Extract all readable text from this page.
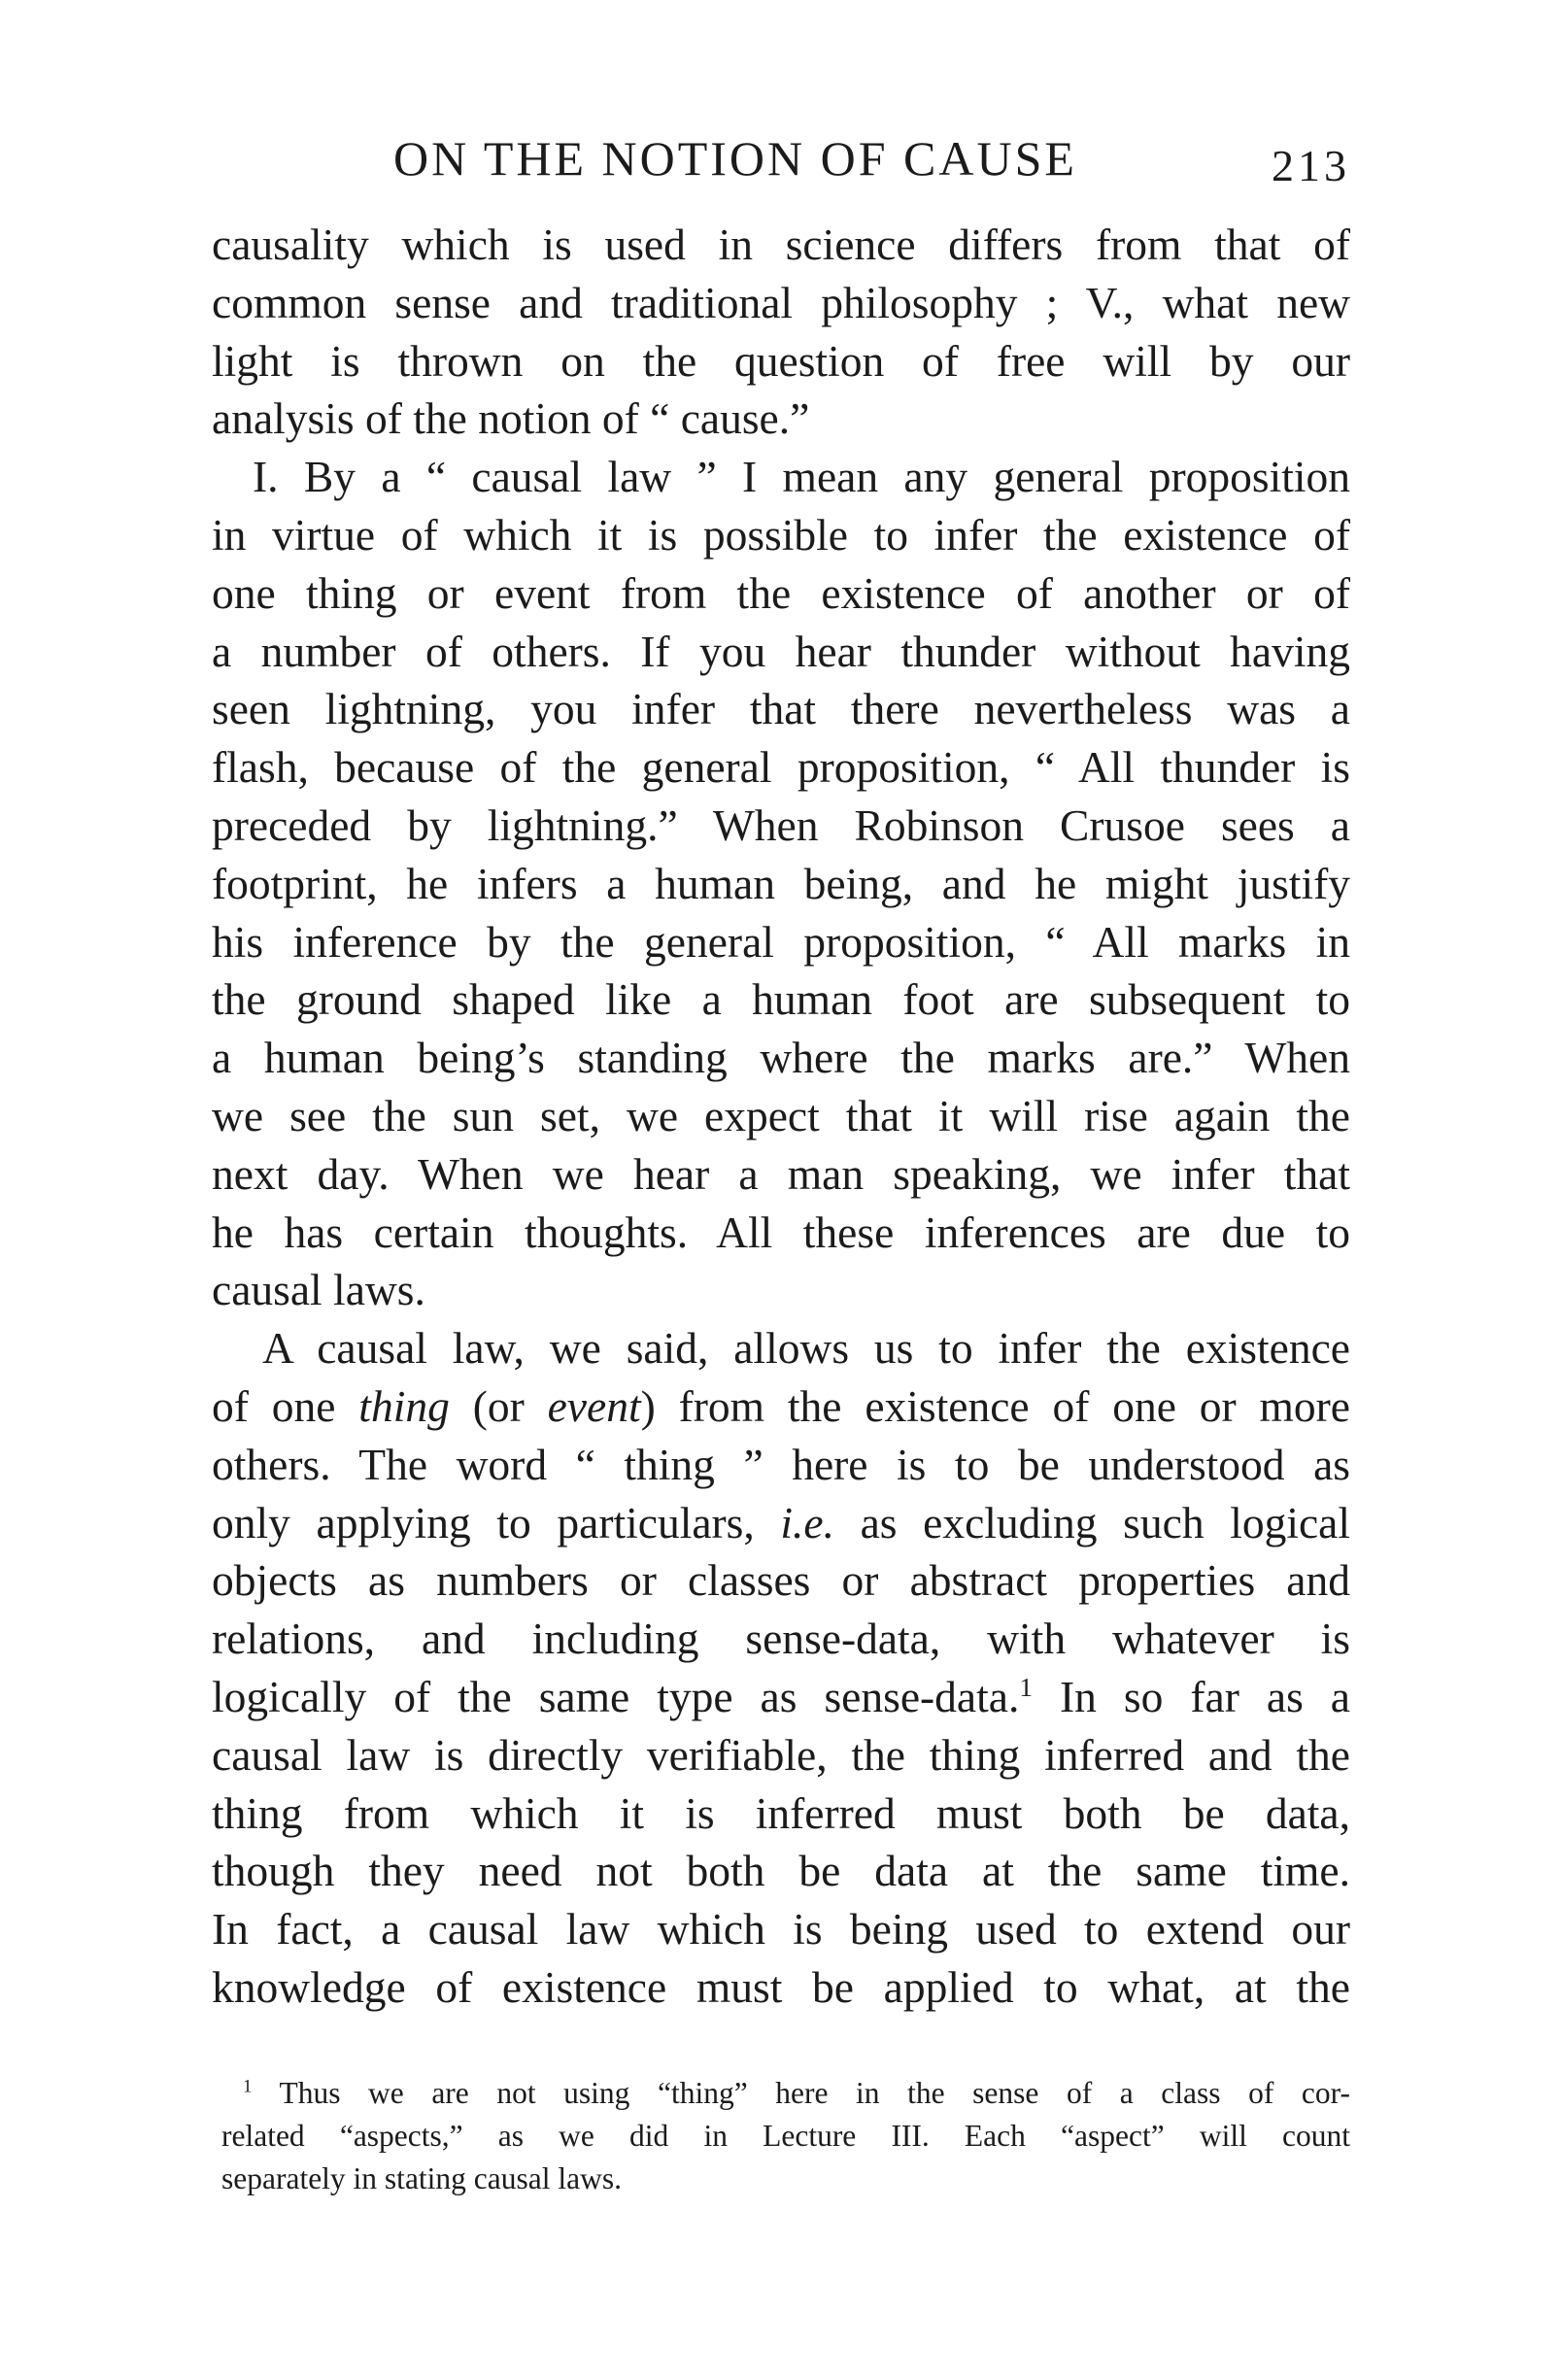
ON THE NOTION OF CAUSE	213
causality which is used in science differs from that of
common sense and traditional philosophy ; V., what new
light is thrown on the question of free will by our
analysis of the notion of “ cause.”
I. By a “ causal law ” I mean any general proposition
in virtue of which it is possible to infer the existence of
one thing or event from the existence of another or of
a number of others. If you hear thunder without having
seen lightning, you infer that there nevertheless was a
flash, because of the general proposition, “ All thunder is
preceded by lightning.” When Robinson Crusoe sees a
footprint, he infers a human being, and he might justify
his inference by the general proposition, “ All marks in
the ground shaped like a human foot are subsequent to
a human being’s standing where the marks are.” When
we see the sun set, we expect that it will rise again the
next day. When we hear a man speaking, we infer that
he has certain thoughts. All these inferences are due to
causal laws.
A causal law, we said, allows us to infer the existence
of one thing (or event) from the existence of one or more
others. The word “ thing ” here is to be understood as
only applying to particulars, i.e. as excluding such logical
objects as numbers or classes or abstract properties and
relations, and including sense-data, with whatever is
logically of the same type as sense-data.$^1$ In so far as a
causal law is directly verifiable, the thing inferred and the
thing from which it is inferred must both be data,
though they need not both be data at the same time.
In fact, a causal law which is being used to extend our
knowledge of existence must be applied to what, at the
$^1$ Thus we are not using “thing” here in the sense of a class of cor-
related “aspects,” as we did in Lecture III. Each “aspect” will count
separately in stating causal laws.
